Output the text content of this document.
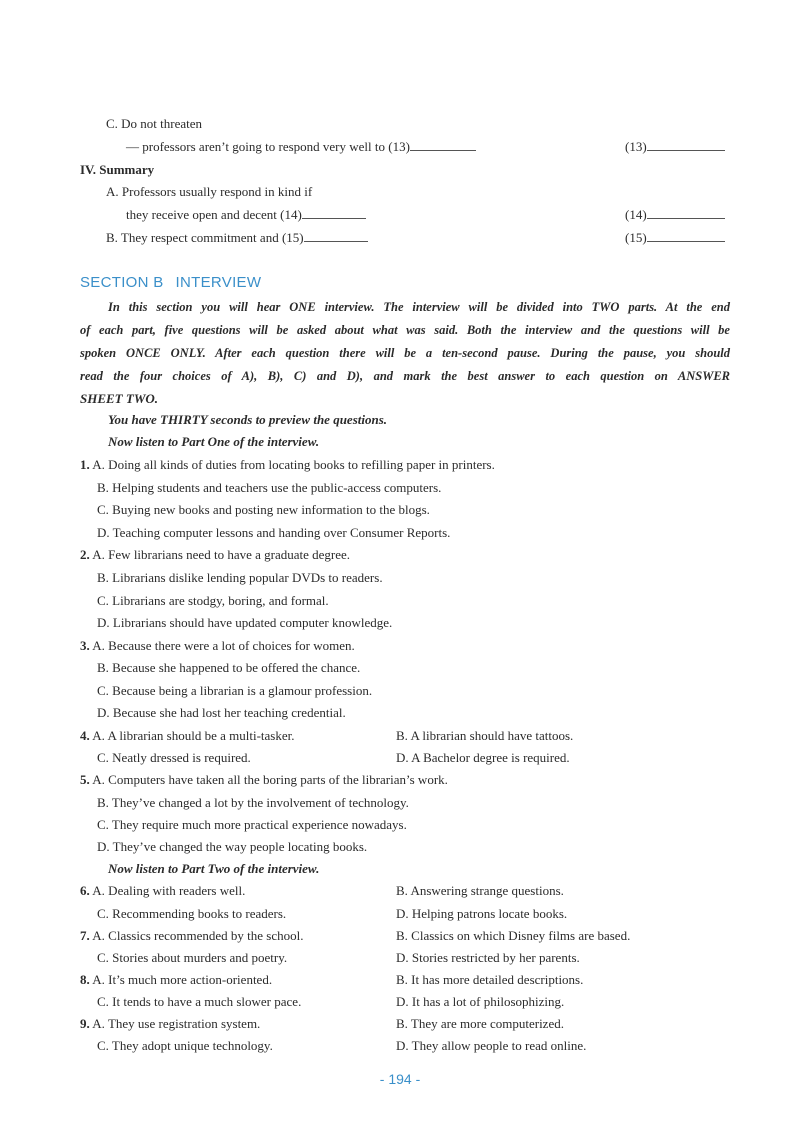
C. Do not threaten
— professors aren’t going to respond very well to (13)	(13)
IV. Summary
A. Professors usually respond in kind if
they receive open and decent (14)	(14)
B. They respect commitment and (15)	(15)
SECTION B INTERVIEW
In this section you will hear ONE interview. The interview will be divided into TWO parts. At the end
of each part, five questions will be asked about what was said. Both the interview and the questions will be
spoken ONCE ONLY. After each question there will be a ten-second pause. During the pause, you should
read the four choices of A), B), C) and D), and mark the best answer to each question on ANSWER
SHEET TWO.
You have THIRTY seconds to preview the questions.
Now listen to Part One of the interview.
1. A. Doing all kinds of duties from locating books to refilling paper in printers.
B. Helping students and teachers use the public-access computers.
C. Buying new books and posting new information to the blogs.
D. Teaching computer lessons and handing over Consumer Reports.
2. A. Few librarians need to have a graduate degree.
B. Librarians dislike lending popular DVDs to readers.
C. Librarians are stodgy, boring, and formal.
D. Librarians should have updated computer knowledge.
3. A. Because there were a lot of choices for women.
B. Because she happened to be offered the chance.
C. Because being a librarian is a glamour profession.
D. Because she had lost her teaching credential.
4. A. A librarian should be a multi-tasker.	B. A librarian should have tattoos.
C. Neatly dressed is required.	D. A Bachelor degree is required.
5. A. Computers have taken all the boring parts of the librarian’s work.
B. They’ve changed a lot by the involvement of technology.
C. They require much more practical experience nowadays.
D. They’ve changed the way people locating books.
Now listen to Part Two of the interview.
6. A. Dealing with readers well.	B. Answering strange questions.
C. Recommending books to readers.	D. Helping patrons locate books.
7. A. Classics recommended by the school.	B. Classics on which Disney films are based.
C. Stories about murders and poetry.	D. Stories restricted by her parents.
8. A. It’s much more action-oriented.	B. It has more detailed descriptions.
C. It tends to have a much slower pace.	D. It has a lot of philosophizing.
9. A. They use registration system.	B. They are more computerized.
C. They adopt unique technology.	D. They allow people to read online.
- 194 -
